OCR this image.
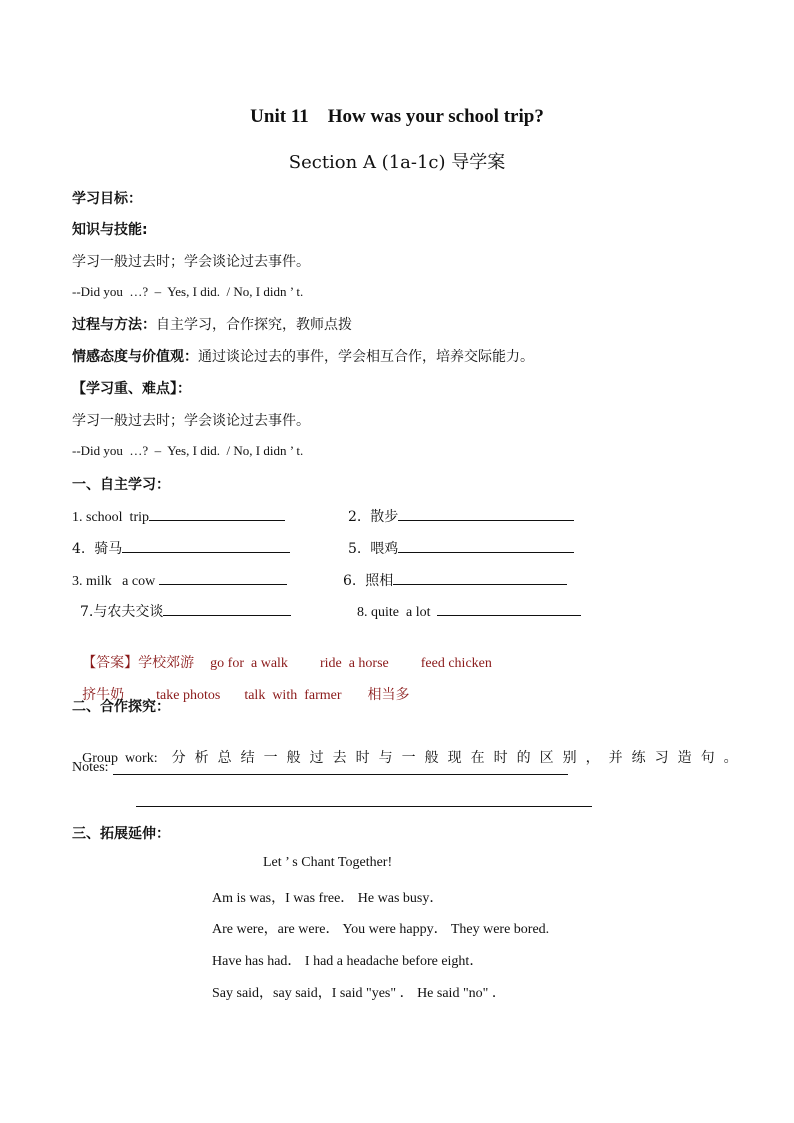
Unit 11    How was your school trip?
Section A (1a-1c) 导学案
学习目标：
知识与技能:
学习一般过去时；学会谈论过去事件。
--Did you  …?  –  Yes, I did.  / No, I didn ’ t.
过程与方法：自主学习，合作探究，教师点拨
情感态度与价值观：通过谈论过去的事件，学会相互合作，培养交际能力。
【学习重、难点】：
学习一般过去时；学会谈论过去事件。
--Did you  …?  –  Yes, I did.  / No, I didn ’ t.
一、自主学习：
1. school  trip	2.  散步
4.  骑马	5.  喂鸡
3. milk   a cow	6.  照相
7.与农夫交谈	8. quite  a lot

【答案】学校郊游 go for  a walk ride  a horse feed chicken

挤牛奶 take photos talk  with  farmer 相当多

二、合作探究：

Group  work: 分析总结一般过去时与一般现在时的区别，并练习造句。

Notes:
三、拓展延伸：
Let ’ s Chant Together!
Am is was，I was free． He was busy．
Are were，are were． You were happy． They were bored.
Have has had． I had a headache before eight．
Say said，say said，I said "yes" ． He said "no" ．
